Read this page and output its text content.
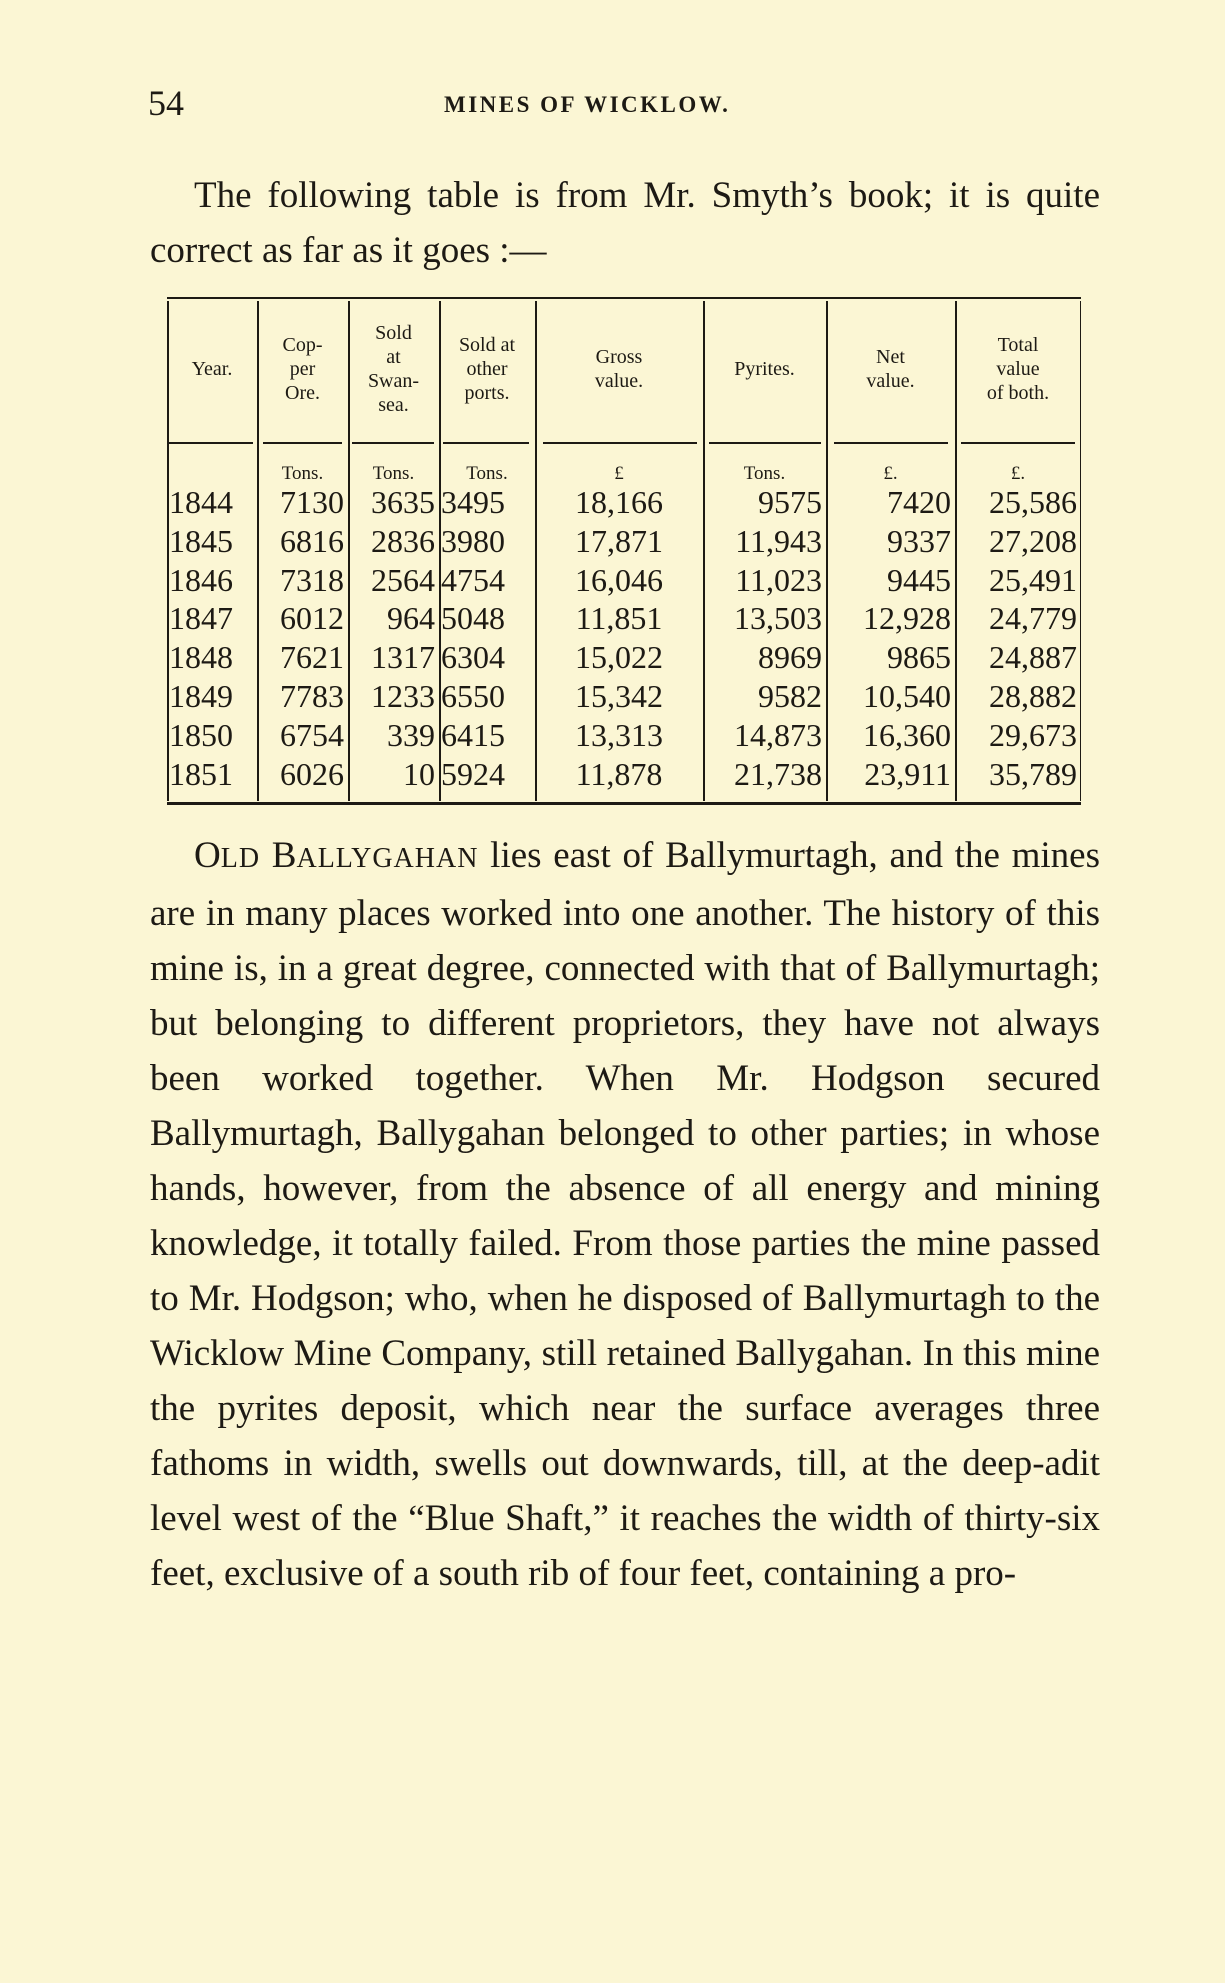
54	MINES OF WICKLOW.
The following table is from Mr. Smyth’s book; it is quite correct as far as it goes :—
Year.
1844
1845
1846
1847
1848
1849
1850
1851
Cop-
per
Ore.
Tons.
7130
6816
7318
6012
7621
7783
6754
6026
Sold
at
Swan-
sea.
Tons.
3635
2836
2564
964
1317
1233
339
10
Sold at
other
ports.
Tons.
3495
3980
4754
5048
6304
6550
6415
5924
Gross
value.
£
18,166
17,871
16,046
11,851
15,022
15,342
13,313
11,878
Pyrites.
Tons.
9575
11,943
11,023
13,503
8969
9582
14,873
21,738
Net
value.
£.
7420
9337
9445
12,928
9865
10,540
16,360
23,911
Total
value
of both.
£.
25,586
27,208
25,491
24,779
24,887
28,882
29,673
35,789
OLD BALLYGAHAN lies east of Ballymurtagh, and the mines are in many places worked into one another. The history of this mine is, in a great degree, connected with that of Ballymurtagh; but belonging to different proprietors, they have not always been worked together. When Mr. Hodgson secured Ballymurtagh, Ballygahan belonged to other parties; in whose hands, however, from the absence of all energy and mining knowledge, it totally failed. From those parties the mine passed to Mr. Hodgson; who, when he disposed of Ballymurtagh to the Wicklow Mine Company, still retained Ballygahan. In this mine the pyrites deposit, which near the surface averages three fathoms in width, swells out downwards, till, at the deep-adit level west of the “Blue Shaft,” it reaches the width of thirty-six feet, exclusive of a south rib of four feet, containing a pro-
